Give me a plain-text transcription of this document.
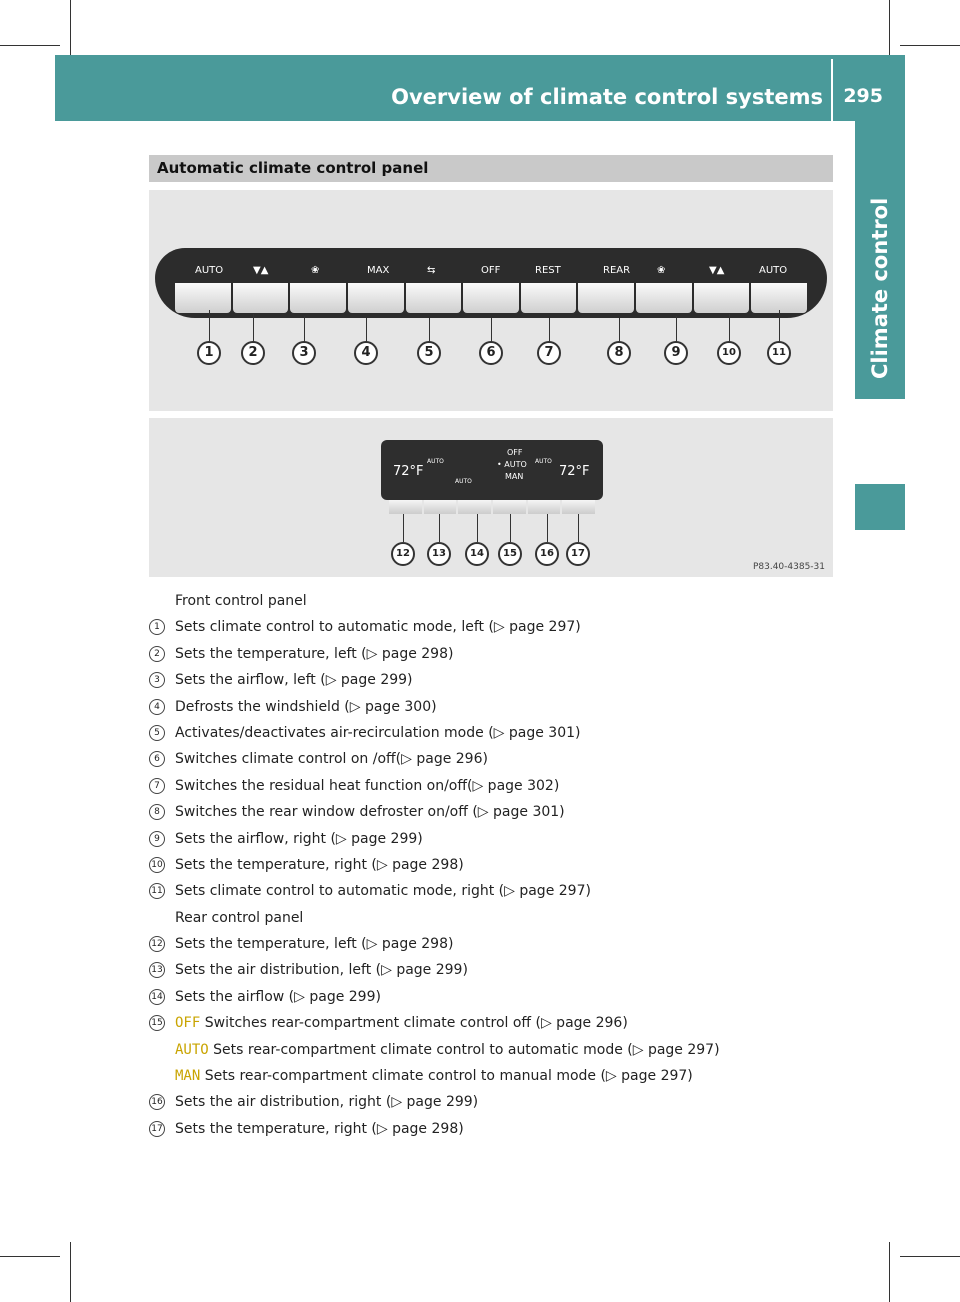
Overview of climate control systems 295
Climate control
Automatic climate control panel
AUTO	▼▲	❀	MAX	⇆	OFF	REST	REAR	❀	▼▲	AUTO
1	2	3	4	5	6	7	8	9	10	11
72°F
AUTO
AUTO
OFF
• AUTO
MAN
AUTO
72°F
12	13	14	15	16	17
P83.40-4385-31
Front control panel
1	Sets climate control to automatic mode, left (▷ page 297)
2	Sets the temperature, left (▷ page 298)
3	Sets the airflow, left (▷ page 299)
4	Defrosts the windshield (▷ page 300)
5	Activates/deactivates air-recirculation mode (▷ page 301)
6	Switches climate control on /off(▷ page 296)
7	Switches the residual heat function on/off(▷ page 302)
8	Switches the rear window defroster on/off (▷ page 301)
9	Sets the airflow, right (▷ page 299)
10 Sets the temperature, right (▷ page 298)
11 Sets climate control to automatic mode, right (▷ page 297)
Rear control panel
12 Sets the temperature, left (▷ page 298)
13 Sets the air distribution, left (▷ page 299)
14 Sets the airflow (▷ page 299)
15 OFF Switches rear-compartment climate control off (▷ page 296)
AUTO Sets rear-compartment climate control to automatic mode (▷ page 297)
MAN Sets rear-compartment climate control to manual mode (▷ page 297)
16 Sets the air distribution, right (▷ page 299)
17 Sets the temperature, right (▷ page 298)
